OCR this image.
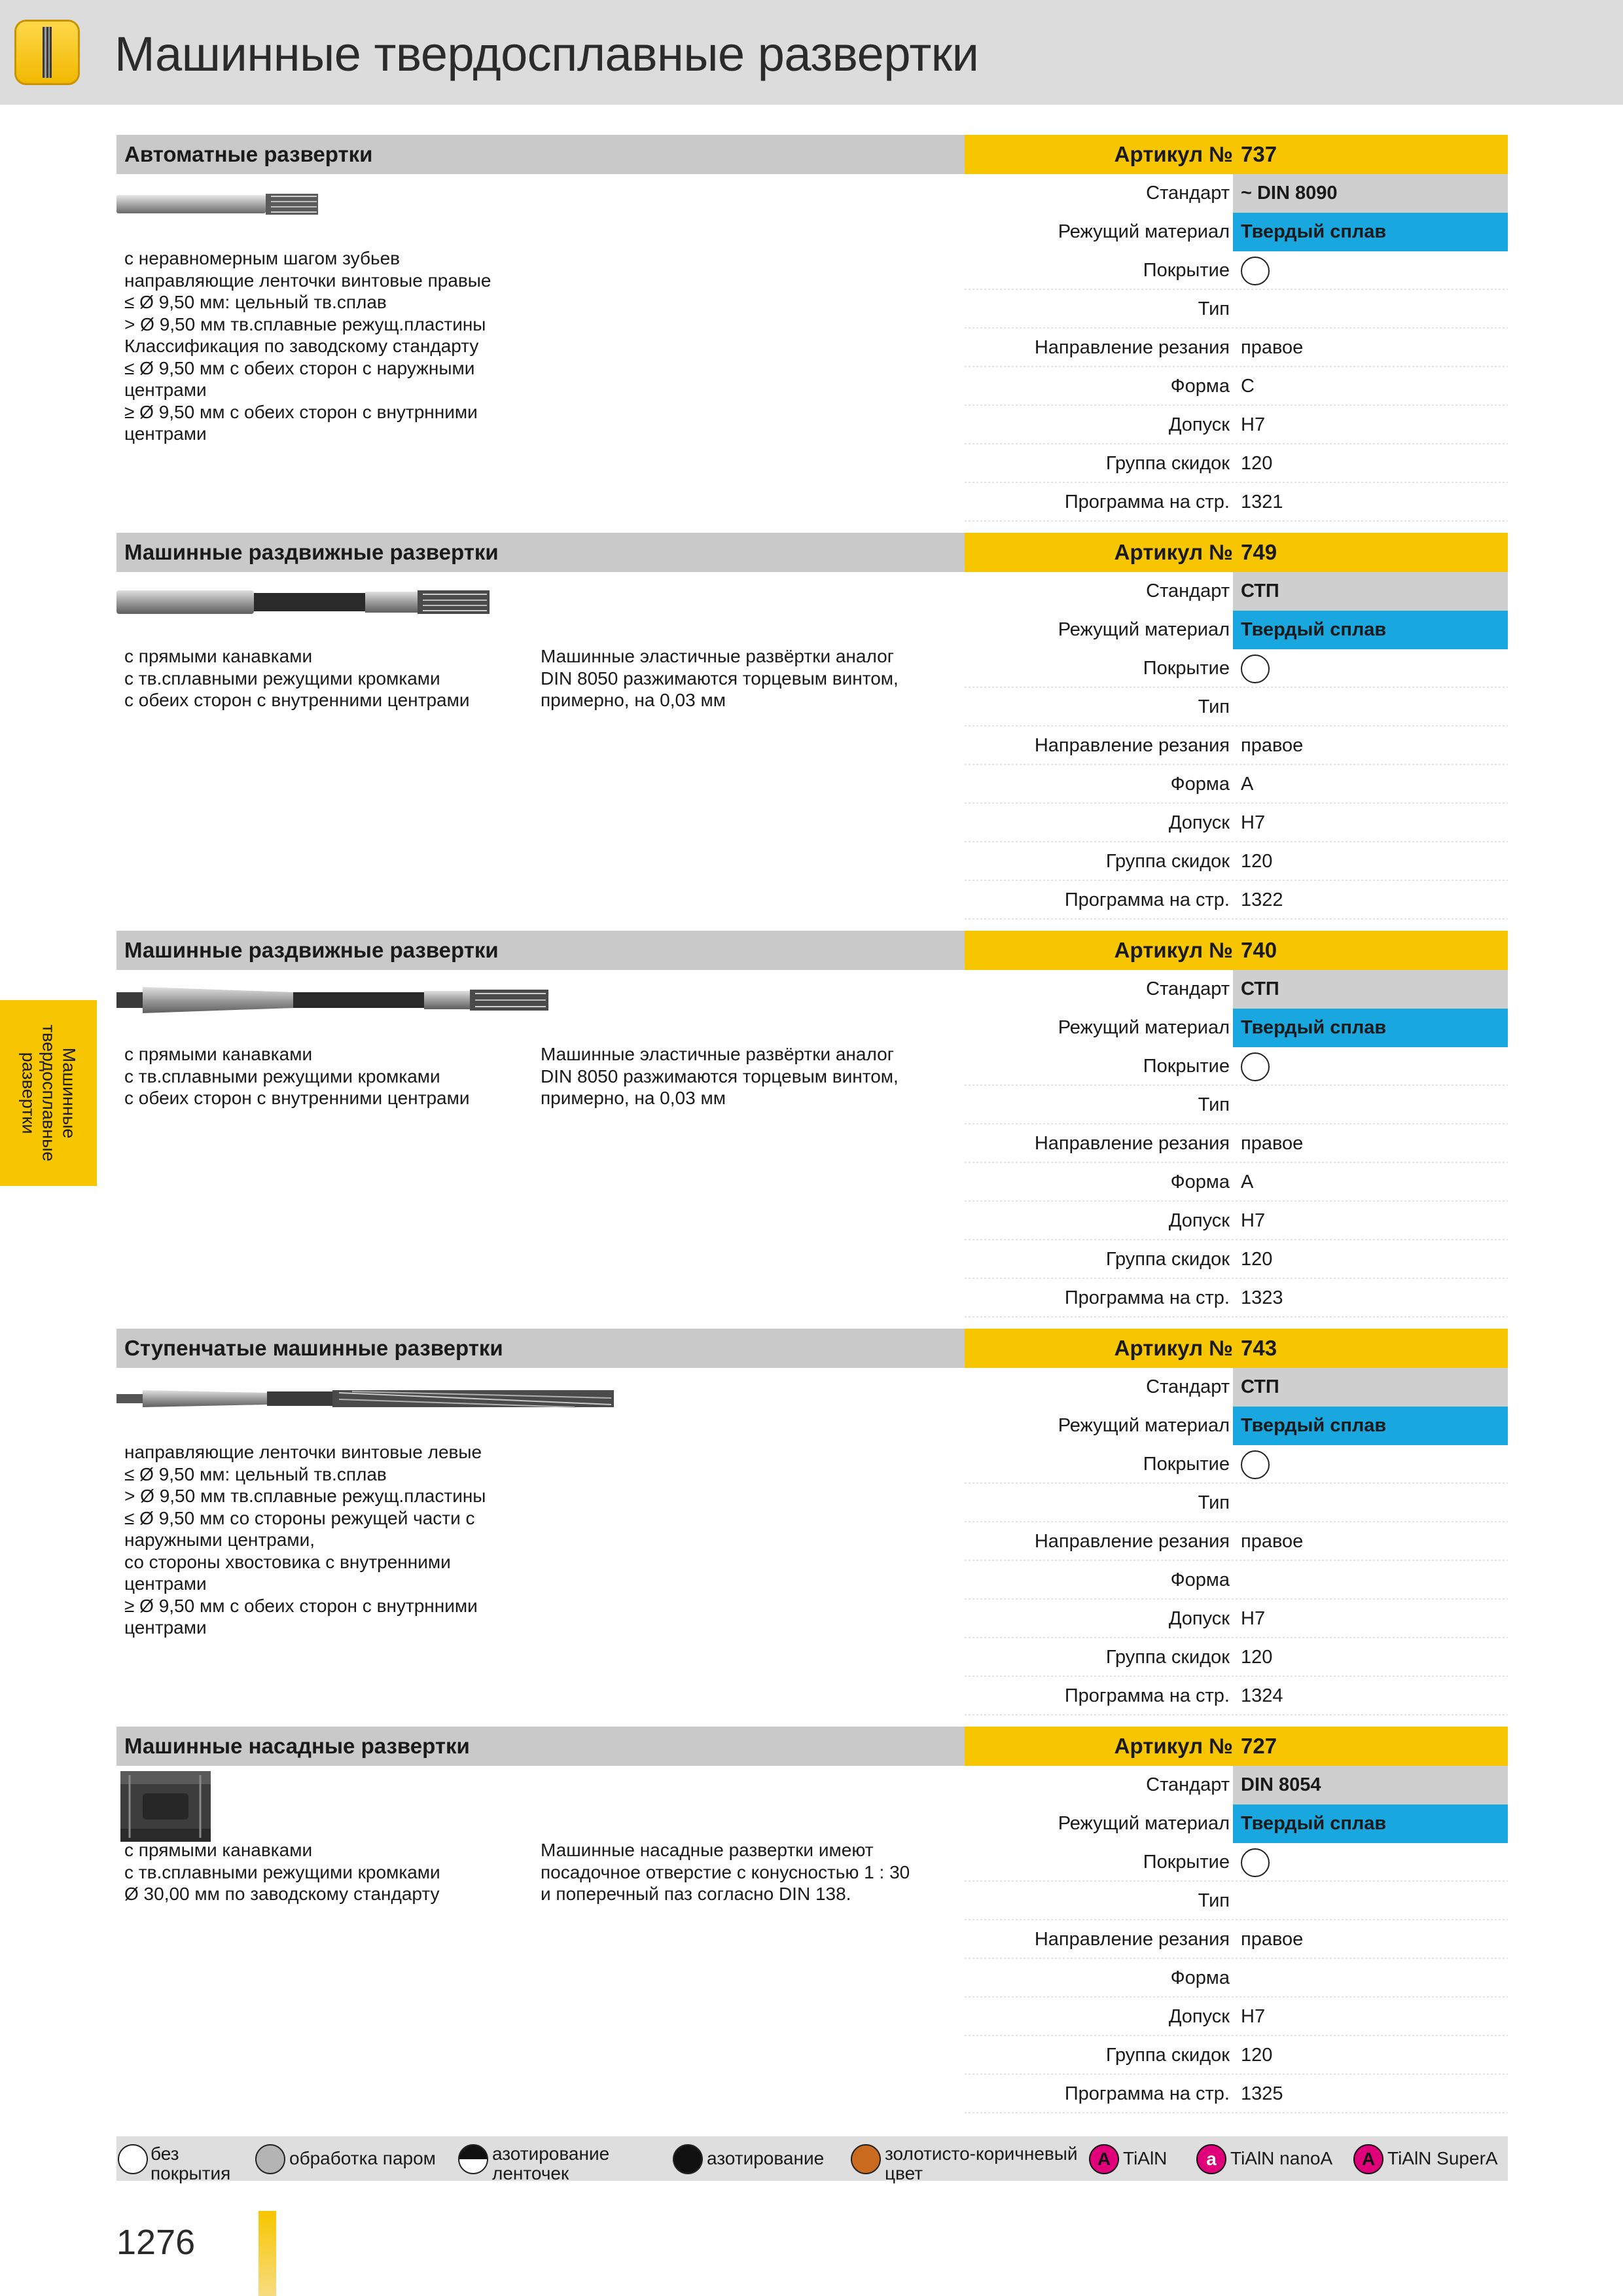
Машинные твердосплавные развертки
Машинные
твердосплавные
развертки
Автоматные развертки	Артикул № 737
с неравномерным шагом зубьев
направляющие ленточки винтовые правые
≤ Ø 9,50 мм: цельный тв.сплав
> Ø 9,50 мм тв.сплавные режущ.пластины
Классификация по заводскому стандарту
≤ Ø 9,50 мм с обеих сторон с наружными
центрами
≥ Ø 9,50 мм с обеих сторон с внутрнними
центрами
Стандарт ~ DIN 8090
Режущий материал Твердый сплав
Покрытие
Тип
Направление резания правое
Форма C
Допуск H7
Группа скидок 120
Программа на стр. 1321
Машинные раздвижные развертки	Артикул № 749
с прямыми канавками
с тв.сплавными режущими кромками
с обеих сторон с внутренними центрами
Машинные эластичные развёртки аналог
DIN 8050 разжимаются торцевым винтом,
примерно, на 0,03 мм
Стандарт СТП
Режущий материал Твердый сплав
Покрытие
Тип
Направление резания правое
Форма A
Допуск H7
Группа скидок 120
Программа на стр. 1322
Машинные раздвижные развертки	Артикул № 740
с прямыми канавками
с тв.сплавными режущими кромками
с обеих сторон с внутренними центрами
Машинные эластичные развёртки аналог
DIN 8050 разжимаются торцевым винтом,
примерно, на 0,03 мм
Стандарт СТП
Режущий материал Твердый сплав
Покрытие
Тип
Направление резания правое
Форма A
Допуск H7
Группа скидок 120
Программа на стр. 1323
Ступенчатые машинные развертки	Артикул № 743
направляющие ленточки винтовые левые
≤ Ø 9,50 мм: цельный тв.сплав
> Ø 9,50 мм тв.сплавные режущ.пластины
≤ Ø 9,50 мм со стороны режущей части с
наружными центрами,
со стороны хвостовика с внутренними
центрами
≥ Ø 9,50 мм с обеих сторон с внутрнними
центрами
Стандарт СТП
Режущий материал Твердый сплав
Покрытие
Тип
Направление резания правое
Форма
Допуск H7
Группа скидок 120
Программа на стр. 1324
Машинные насадные развертки	Артикул № 727
с прямыми канавками
с тв.сплавными режущими кромками
Ø 30,00 мм по заводскому стандарту
Машинные насадные развертки имеют
посадочное отверстие с конусностью 1 : 30
и поперечный паз согласно DIN 138.
Стандарт DIN 8054
Режущий материал Твердый сплав
Покрытие
Тип
Направление резания правое
Форма
Допуск H7
Группа скидок 120
Программа на стр. 1325
без
покрытия
обработка паром	азотирование
ленточек
азотирование	золотисто-коричневый
цвет
A TiAlN	a TiAlN nanoA	A TiAlN SuperA
1276
